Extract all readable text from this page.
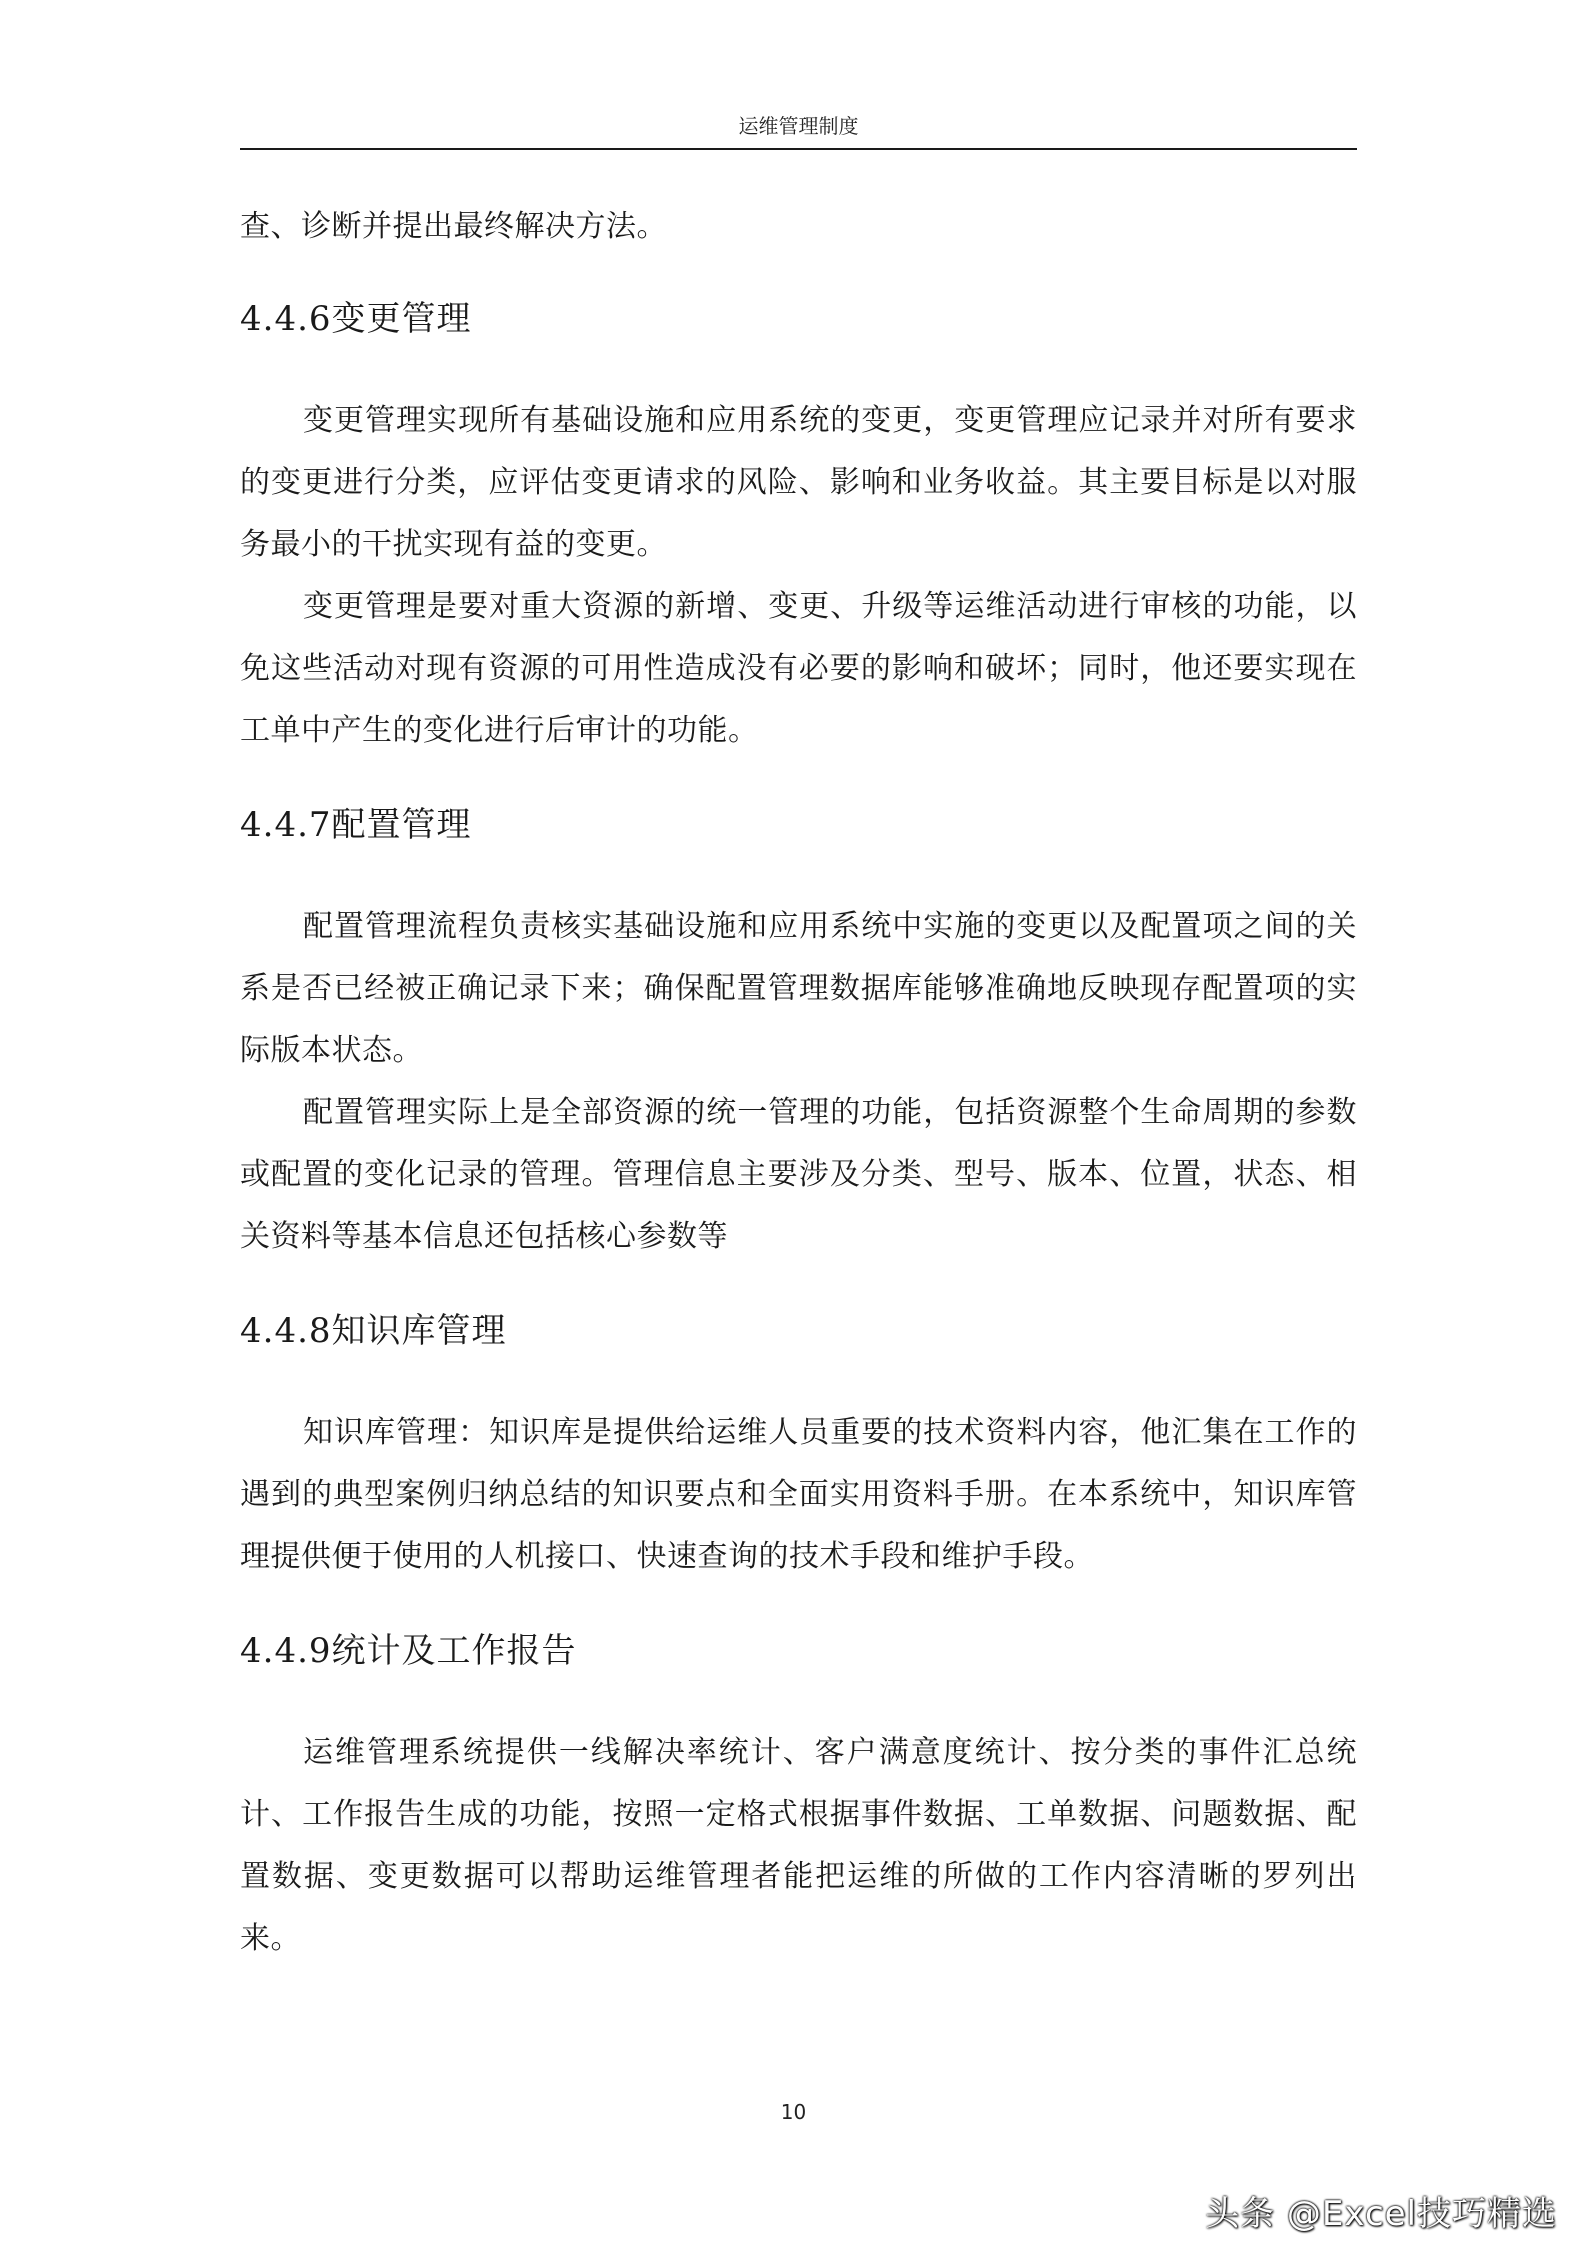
运维管理制度

查、诊断并提出最终解决方法。

4.4.6变更管理

变更管理实现所有基础设施和应用系统的变更，变更管理应记录并对所有要求的变更进行分类，应评估变更请求的风险、影响和业务收益。其主要目标是以对服务最小的干扰实现有益的变更。

变更管理是要对重大资源的新增、变更、升级等运维活动进行审核的功能，以免这些活动对现有资源的可用性造成没有必要的影响和破坏；同时，他还要实现在工单中产生的变化进行后审计的功能。

4.4.7配置管理

配置管理流程负责核实基础设施和应用系统中实施的变更以及配置项之间的关系是否已经被正确记录下来；确保配置管理数据库能够准确地反映现存配置项的实际版本状态。

配置管理实际上是全部资源的统一管理的功能，包括资源整个生命周期的参数或配置的变化记录的管理。管理信息主要涉及分类、型号、版本、位置，状态、相关资料等基本信息还包括核心参数等

4.4.8知识库管理

知识库管理：知识库是提供给运维人员重要的技术资料内容，他汇集在工作的遇到的典型案例归纳总结的知识要点和全面实用资料手册。在本系统中，知识库管理提供便于使用的人机接口、快速查询的技术手段和维护手段。

4.4.9统计及工作报告

运维管理系统提供一线解决率统计、客户满意度统计、按分类的事件汇总统计、工作报告生成的功能，按照一定格式根据事件数据、工单数据、问题数据、配置数据、变更数据可以帮助运维管理者能把运维的所做的工作内容清晰的罗列出来。

10
头条 @Excel技巧精选
